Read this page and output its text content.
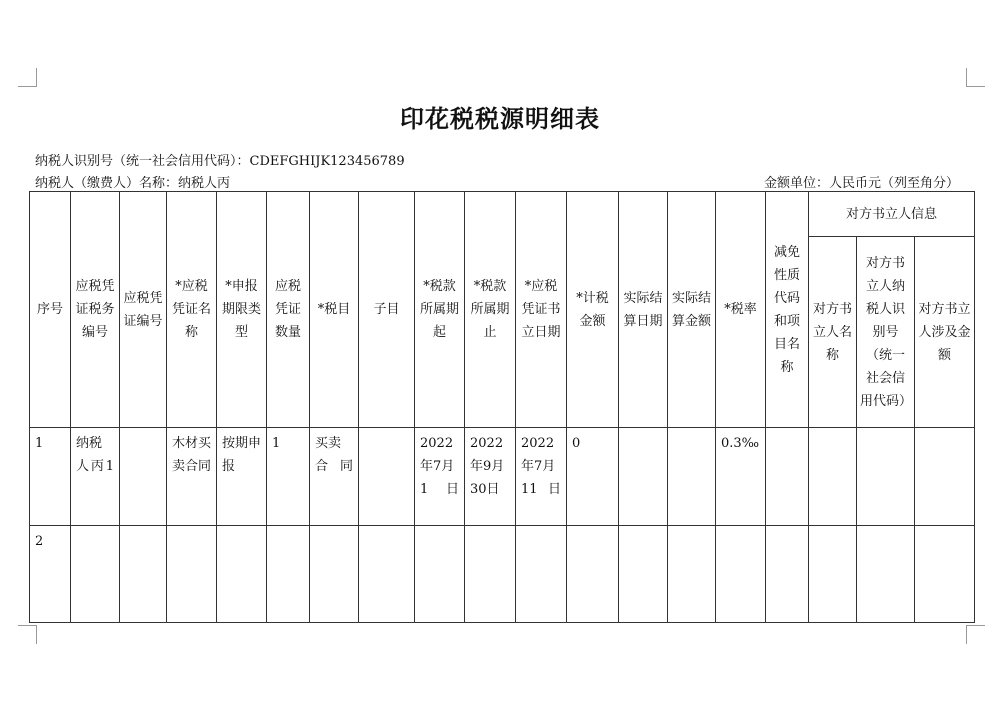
印花税税源明细表
纳税人识别号（统一社会信用代码）：CDEFGHIJK123456789
纳税人（缴费人）名称：纳税人丙	金额单位：人民币元（列至角分）
序号	应税凭证税务编号	应税凭证编号	*应税凭证名称	*申报期限类型	应税凭证数量	*税目	子目	*税款所属期起	*税款所属期止	*应税凭证书立日期	*计税金额	实际结算日期	实际结算金额	*税率	减免性质代码和项目名称	对方书立人信息		
																对方书立人名称	对方书立人纳税人识别号（统一社会信用代码）	对方书立人涉及金额
1	纳税人丙1		木材买卖合同	按期申报	1	买卖合同		2022年7月1日	2022年9月30日	2022年7月11日	0			0.3‰				
2																		
